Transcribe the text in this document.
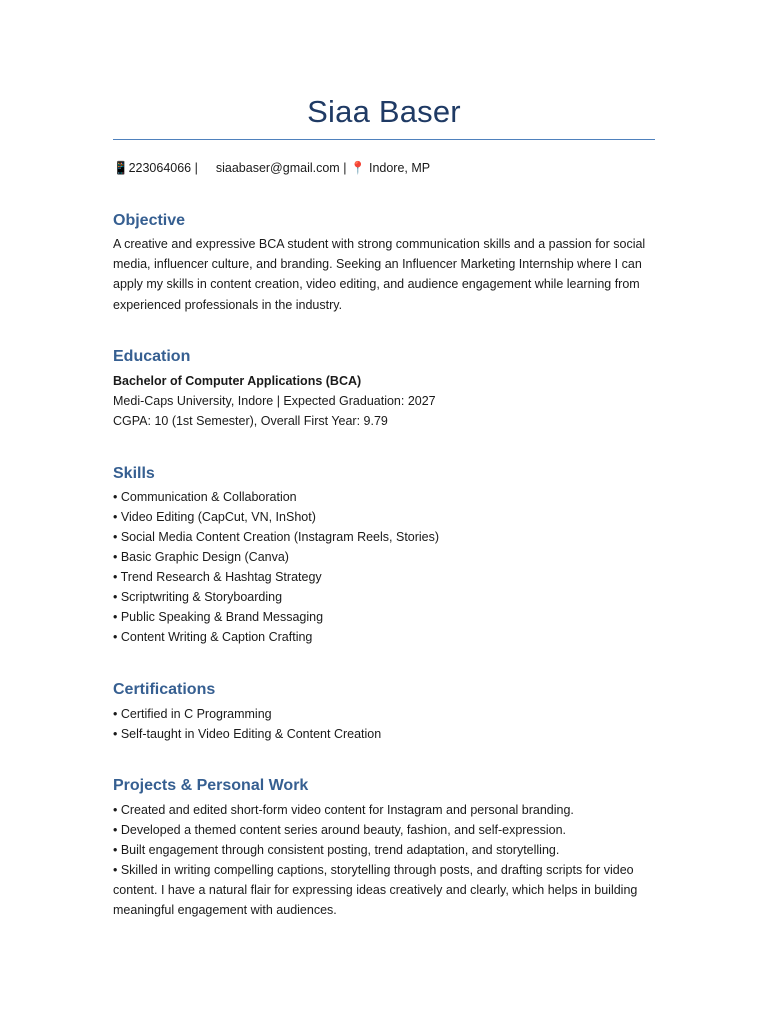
Siaa Baser
📱223064066 | siaabaser@gmail.com | 📍 Indore, MP
Objective
A creative and expressive BCA student with strong communication skills and a passion for social media, influencer culture, and branding. Seeking an Influencer Marketing Internship where I can apply my skills in content creation, video editing, and audience engagement while learning from experienced professionals in the industry.
Education
Bachelor of Computer Applications (BCA)
Medi-Caps University, Indore | Expected Graduation: 2027
CGPA: 10 (1st Semester), Overall First Year: 9.79
Skills
• Communication & Collaboration
• Video Editing (CapCut, VN, InShot)
• Social Media Content Creation (Instagram Reels, Stories)
• Basic Graphic Design (Canva)
• Trend Research & Hashtag Strategy
• Scriptwriting & Storyboarding
• Public Speaking & Brand Messaging
• Content Writing & Caption Crafting
Certifications
• Certified in C Programming
• Self-taught in Video Editing & Content Creation
Projects & Personal Work
• Created and edited short-form video content for Instagram and personal branding.
• Developed a themed content series around beauty, fashion, and self-expression.
• Built engagement through consistent posting, trend adaptation, and storytelling.
• Skilled in writing compelling captions, storytelling through posts, and drafting scripts for video content. I have a natural flair for expressing ideas creatively and clearly, which helps in building meaningful engagement with audiences.
